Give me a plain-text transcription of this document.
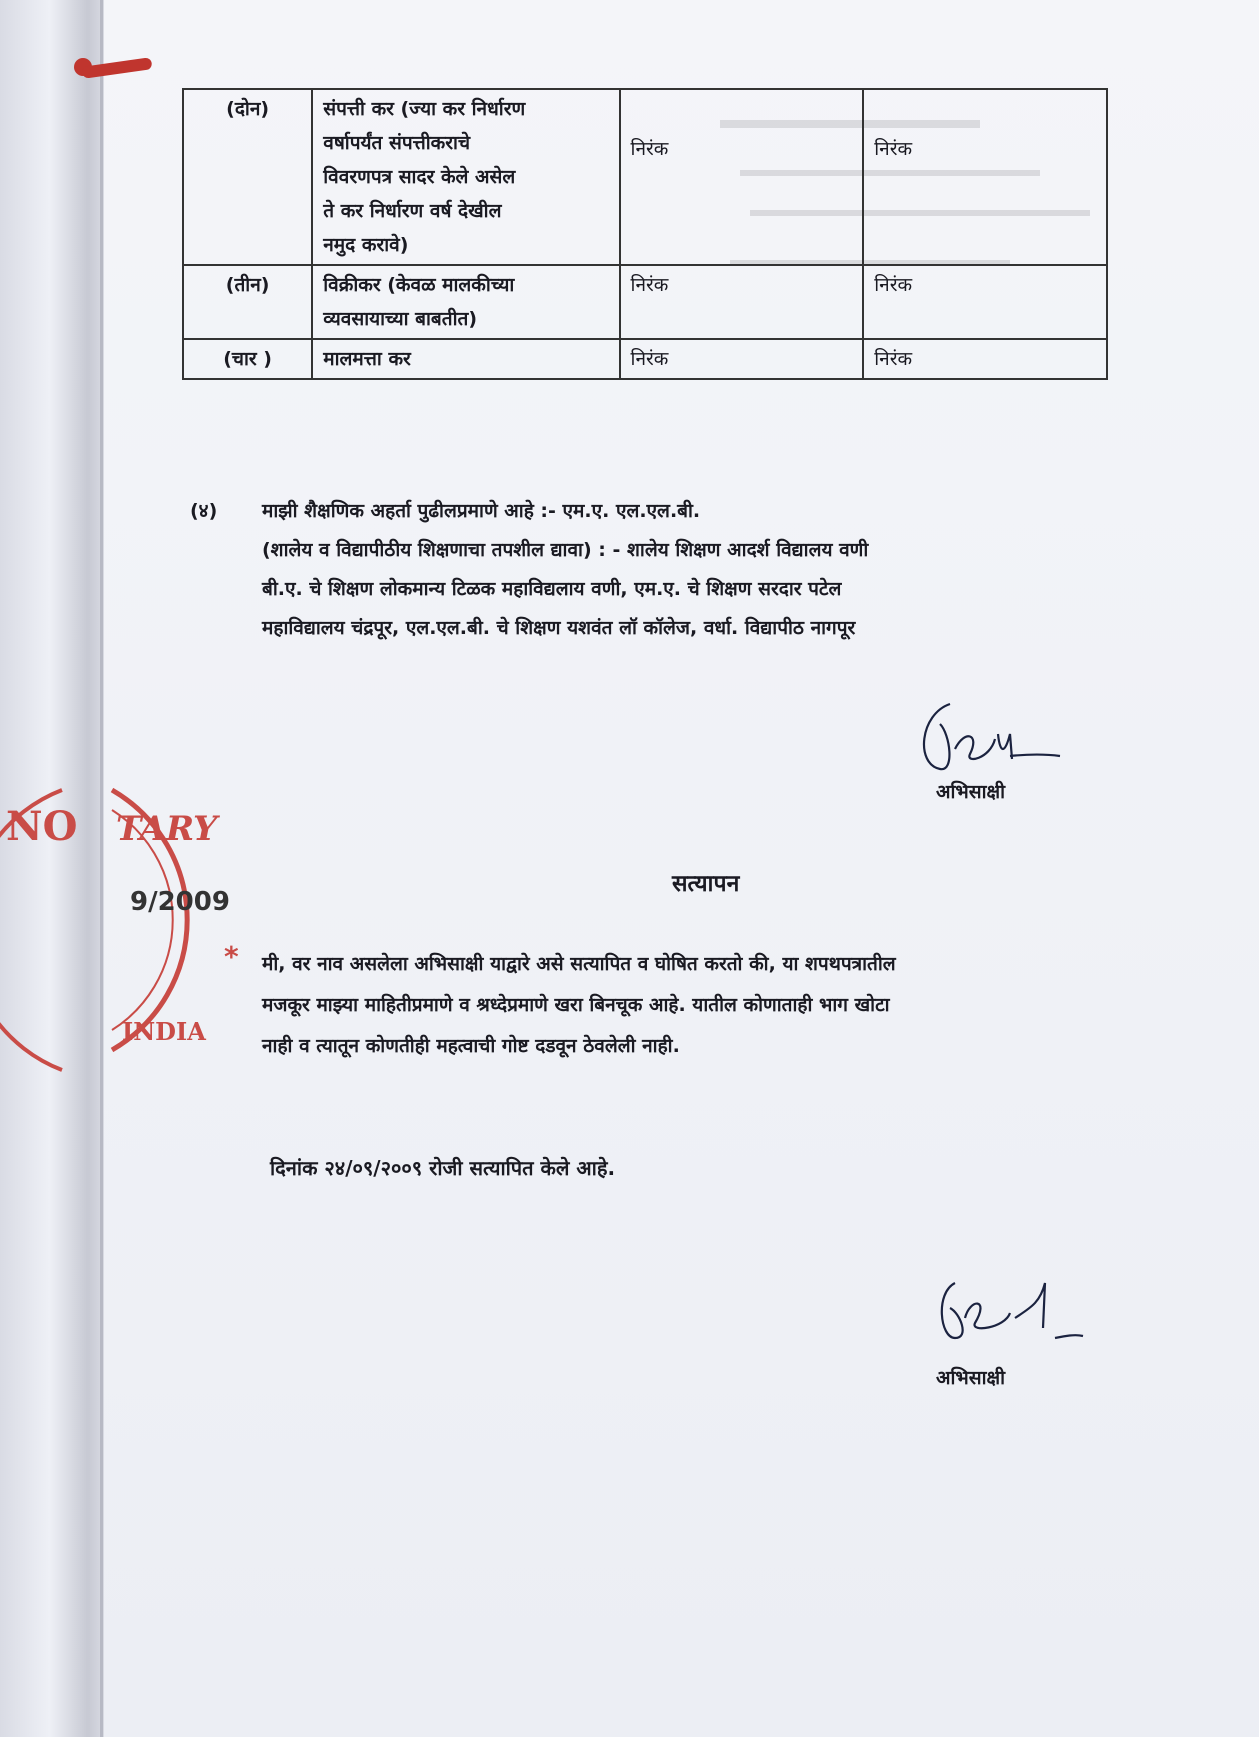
(दोन)	संपत्ती कर (ज्या कर निर्धारण
वर्षापर्यंत संपत्तीकराचे
विवरणपत्र सादर केले असेल
ते कर निर्धारण वर्ष देखील
नमुद करावे)	निरंक	निरंक
(तीन)	विक्रीकर (केवळ मालकीच्या
व्यवसायाच्या बाबतीत)	निरंक	निरंक
(चार )	मालमत्ता कर	निरंक	निरंक
(४) माझी शैक्षणिक अहर्ता पुढीलप्रमाणे आहे :- एम.ए. एल.एल.बी.
(शालेय व विद्यापीठीय शिक्षणाचा तपशील द्यावा) : - शालेय शिक्षण आदर्श विद्यालय वणी
बी.ए. चे शिक्षण लोकमान्य टिळक महाविद्यलाय वणी, एम.ए. चे शिक्षण सरदार पटेल
महाविद्यालय चंद्रपूर, एल.एल.बी. चे शिक्षण यशवंत लॉ कॉलेज, वर्धा. विद्यापीठ नागपूर
अभिसाक्षी
NO TARY
9/2009
INDIA
सत्यापन
* मी, वर नाव असलेला अभिसाक्षी याद्वारे असे सत्यापित व घोषित करतो की, या शपथपत्रातील
मजकूर माझ्या माहितीप्रमाणे व श्रध्देप्रमाणे खरा बिनचूक आहे. यातील कोणाताही भाग खोटा
नाही व त्यातून कोणतीही महत्वाची गोष्ट दडवून ठेवलेली नाही.
दिनांक २४/०९/२००९ रोजी सत्यापित केले आहे.
अभिसाक्षी
